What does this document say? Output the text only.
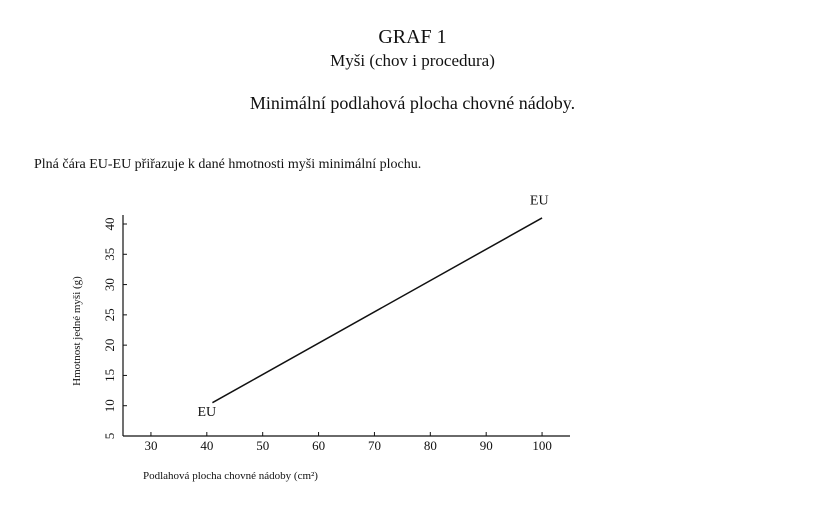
GRAF 1
Myši (chov i procedura)
Minimální podlahová plocha chovné nádoby.
Plná čára EU-EU přiřazuje k dané hmotnosti myši minimální plochu.
30	40	50	60	70	80	90	100
5
10
15
20
25
30
35
40
EU
EU
Podlahová plocha chovné nádoby (cm²)
Hmotnost jedné myši (g)
